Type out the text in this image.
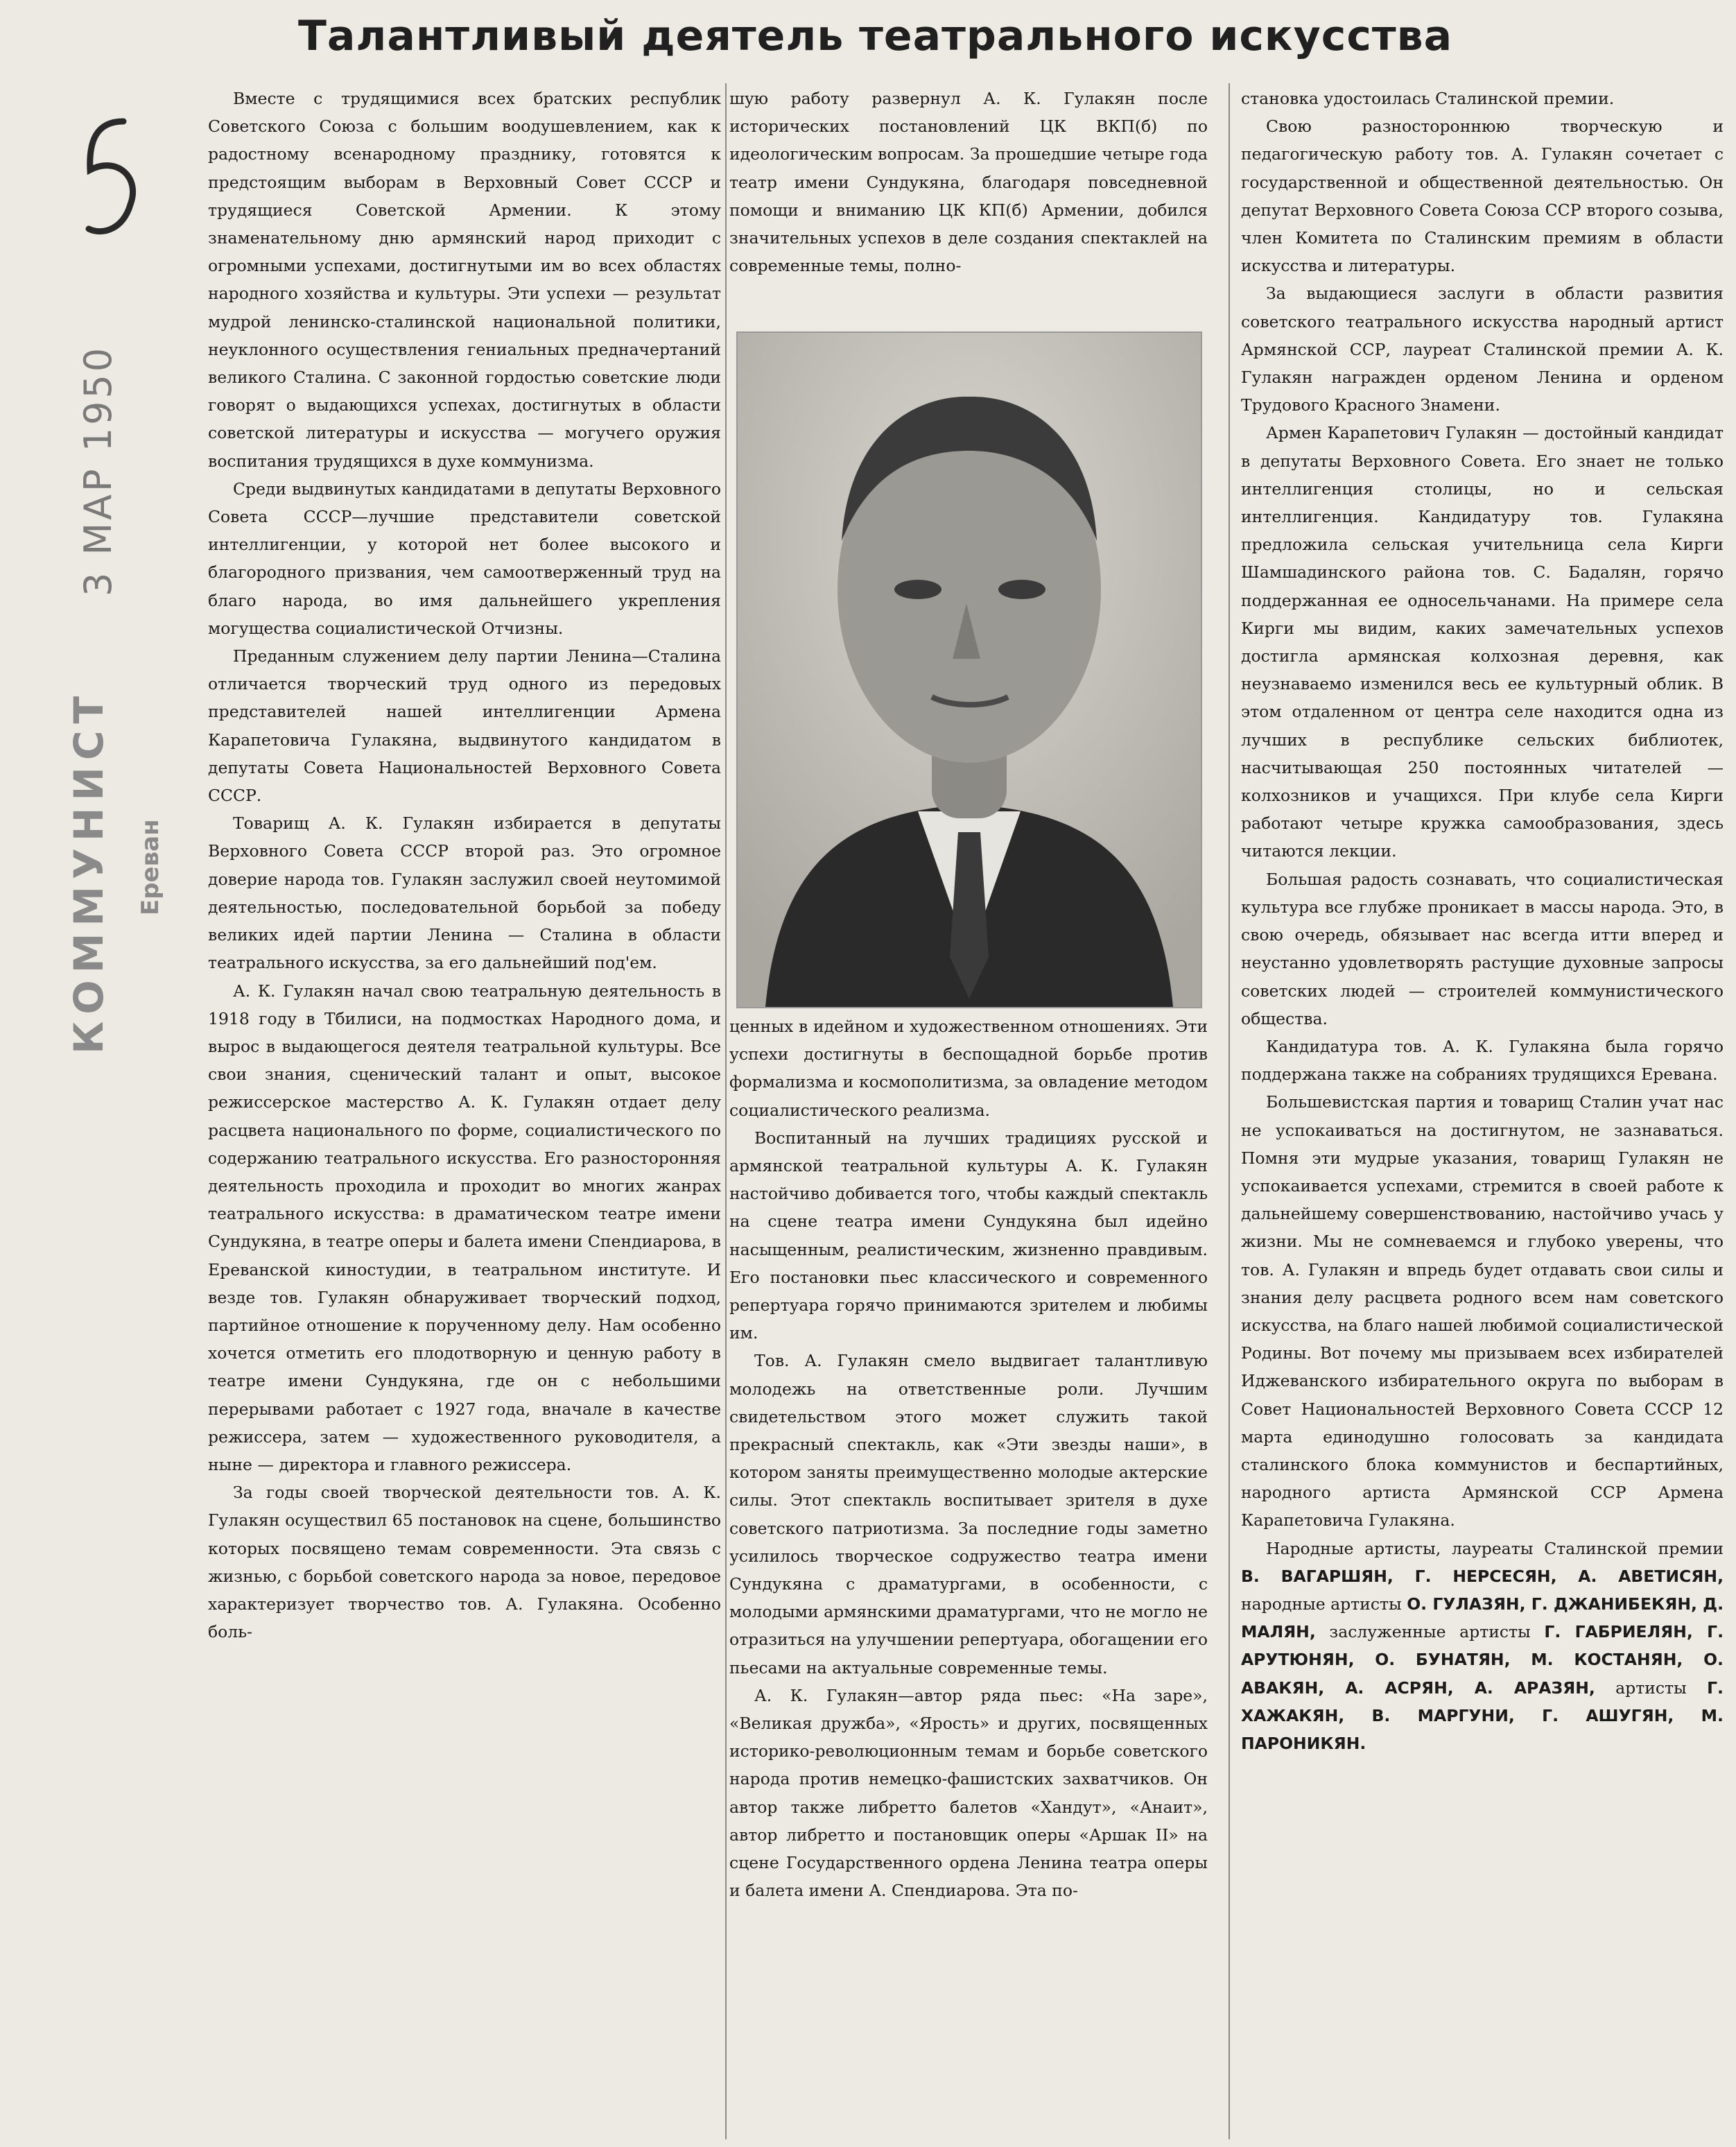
3 МАР 1950
КОММУНИСТ Ереван
Талантливый деятель театрального искусства

Вместе с трудящимися всех братских республик Советского Союза с большим воодушевлением, как к радостному всенародному празднику, готовятся к предстоящим выборам в Верховный Совет СССР и трудящиеся Советской Армении. К этому знаменательному дню армянский народ приходит с огромными успехами, достигнутыми им во всех областях народного хозяйства и культуры. Эти успехи — результат мудрой ленинско-сталинской национальной политики, неуклонного осуществления гениальных предначертаний великого Сталина. С законной гордостью советские люди говорят о выдающихся успехах, достигнутых в области советской литературы и искусства — могучего оружия воспитания трудящихся в духе коммунизма.

Среди выдвинутых кандидатами в депутаты Верховного Совета СССР—лучшие представители советской интеллигенции, у которой нет более высокого и благородного призвания, чем самоотверженный труд на благо народа, во имя дальнейшего укрепления могущества социалистической Отчизны.

Преданным служением делу партии Ленина—Сталина отличается творческий труд одного из передовых представителей нашей интеллигенции Армена Карапетовича Гулакяна, выдвинутого кандидатом в депутаты Совета Национальностей Верховного Совета СССР.

Товарищ А. К. Гулакян избирается в депутаты Верховного Совета СССР второй раз. Это огромное доверие народа тов. Гулакян заслужил своей неутомимой деятельностью, последовательной борьбой за победу великих идей партии Ленина — Сталина в области театрального искусства, за его дальнейший под'ем.

А. К. Гулакян начал свою театральную деятельность в 1918 году в Тбилиси, на подмостках Народного дома, и вырос в выдающегося деятеля театральной культуры. Все свои знания, сценический талант и опыт, высокое режиссерское мастерство А. К. Гулакян отдает делу расцвета национального по форме, социалистического по содержанию театрального искусства. Его разносторонняя деятельность проходила и проходит во многих жанрах театрального искусства: в драматическом театре имени Сундукяна, в театре оперы и балета имени Спендиарова, в Ереванской киностудии, в театральном институте. И везде тов. Гулакян обнаруживает творческий подход, партийное отношение к порученному делу. Нам особенно хочется отметить его плодотворную и ценную работу в театре имени Сундукяна, где он с небольшими перерывами работает с 1927 года, вначале в качестве режиссера, затем — художественного руководителя, а ныне — директора и главного режиссера.

За годы своей творческой деятельности тов. А. К. Гулакян осуществил 65 постановок на сцене, большинство которых посвящено темам современности. Эта связь с жизнью, с борьбой советского народа за новое, передовое характеризует творчество тов. А. Гулакяна. Особенно боль-

шую работу развернул А. К. Гулакян после исторических постановлений ЦК ВКП(б) по идеологическим вопросам. За прошедшие четыре года театр имени Сундукяна, благодаря повседневной помощи и вниманию ЦК КП(б) Армении, добился значительных успехов в деле создания спектаклей на современные темы, полно-

ценных в идейном и художественном отношениях. Эти успехи достигнуты в беспощадной борьбе против формализма и космополитизма, за овладение методом социалистического реализма.

Воспитанный на лучших традициях русской и армянской театральной культуры А. К. Гулакян настойчиво добивается того, чтобы каждый спектакль на сцене театра имени Сундукяна был идейно насыщенным, реалистическим, жизненно правдивым. Его постановки пьес классического и современного репертуара горячо принимаются зрителем и любимы им.

Тов. А. Гулакян смело выдвигает талантливую молодежь на ответственные роли. Лучшим свидетельством этого может служить такой прекрасный спектакль, как «Эти звезды наши», в котором заняты преимущественно молодые актерские силы. Этот спектакль воспитывает зрителя в духе советского патриотизма. За последние годы заметно усилилось творческое содружество театра имени Сундукяна с драматургами, в особенности, с молодыми армянскими драматургами, что не могло не отразиться на улучшении репертуара, обогащении его пьесами на актуальные современные темы.

А. К. Гулакян—автор ряда пьес: «На заре», «Великая дружба», «Ярость» и других, посвященных историко-революционным темам и борьбе советского народа против немецко-фашистских захватчиков. Он автор также либретто балетов «Хандут», «Анаит», автор либретто и постановщик оперы «Аршак II» на сцене Государственного ордена Ленина театра оперы и балета имени А. Спендиарова. Эта по-

становка удостоилась Сталинской премии.

Свою разностороннюю творческую и педагогическую работу тов. А. Гулакян сочетает с государственной и общественной деятельностью. Он депутат Верховного Совета Союза ССР второго созыва, член Комитета по Сталинским премиям в области искусства и литературы.

За выдающиеся заслуги в области развития советского театрального искусства народный артист Армянской ССР, лауреат Сталинской премии А. К. Гулакян награжден орденом Ленина и орденом Трудового Красного Знамени.

Армен Карапетович Гулакян — достойный кандидат в депутаты Верховного Совета. Его знает не только интеллигенция столицы, но и сельская интеллигенция. Кандидатуру тов. Гулакяна предложила сельская учительница села Кирги Шамшадинского района тов. С. Бадалян, горячо поддержанная ее односельчанами. На примере села Кирги мы видим, каких замечательных успехов достигла армянская колхозная деревня, как неузнаваемо изменился весь ее культурный облик. В этом отдаленном от центра селе находится одна из лучших в республике сельских библиотек, насчитывающая 250 постоянных читателей — колхозников и учащихся. При клубе села Кирги работают четыре кружка самообразования, здесь читаются лекции.

Большая радость сознавать, что социалистическая культура все глубже проникает в массы народа. Это, в свою очередь, обязывает нас всегда итти вперед и неустанно удовлетворять растущие духовные запросы советских людей — строителей коммунистического общества.

Кандидатура тов. А. К. Гулакяна была горячо поддержана также на собраниях трудящихся Еревана.

Большевистская партия и товарищ Сталин учат нас не успокаиваться на достигнутом, не зазнаваться. Помня эти мудрые указания, товарищ Гулакян не успокаивается успехами, стремится в своей работе к дальнейшему совершенствованию, настойчиво учась у жизни. Мы не сомневаемся и глубоко уверены, что тов. А. Гулакян и впредь будет отдавать свои силы и знания делу расцвета родного всем нам советского искусства, на благо нашей любимой социалистической Родины. Вот почему мы призываем всех избирателей Иджеванского избирательного округа по выборам в Совет Национальностей Верховного Совета СССР 12 марта единодушно голосовать за кандидата сталинского блока коммунистов и беспартийных, народного артиста Армянской ССР Армена Карапетовича Гулакяна.

Народные артисты, лауреаты Сталинской премии В. ВАГАРШЯН, Г. НЕРСЕСЯН, А. АВЕТИСЯН, народные артисты О. ГУЛАЗЯН, Г. ДЖАНИБЕКЯН, Д. МАЛЯН, заслуженные артисты Г. ГАБРИЕЛЯН, Г. АРУТЮНЯН, О. БУНАТЯН, М. КОСТАНЯН, О. АВАКЯН, А. АСРЯН, А. АРАЗЯН, артисты Г. ХАЖАКЯН, В. МАРГУНИ, Г. АШУГЯН, М. ПАРОНИКЯН.
